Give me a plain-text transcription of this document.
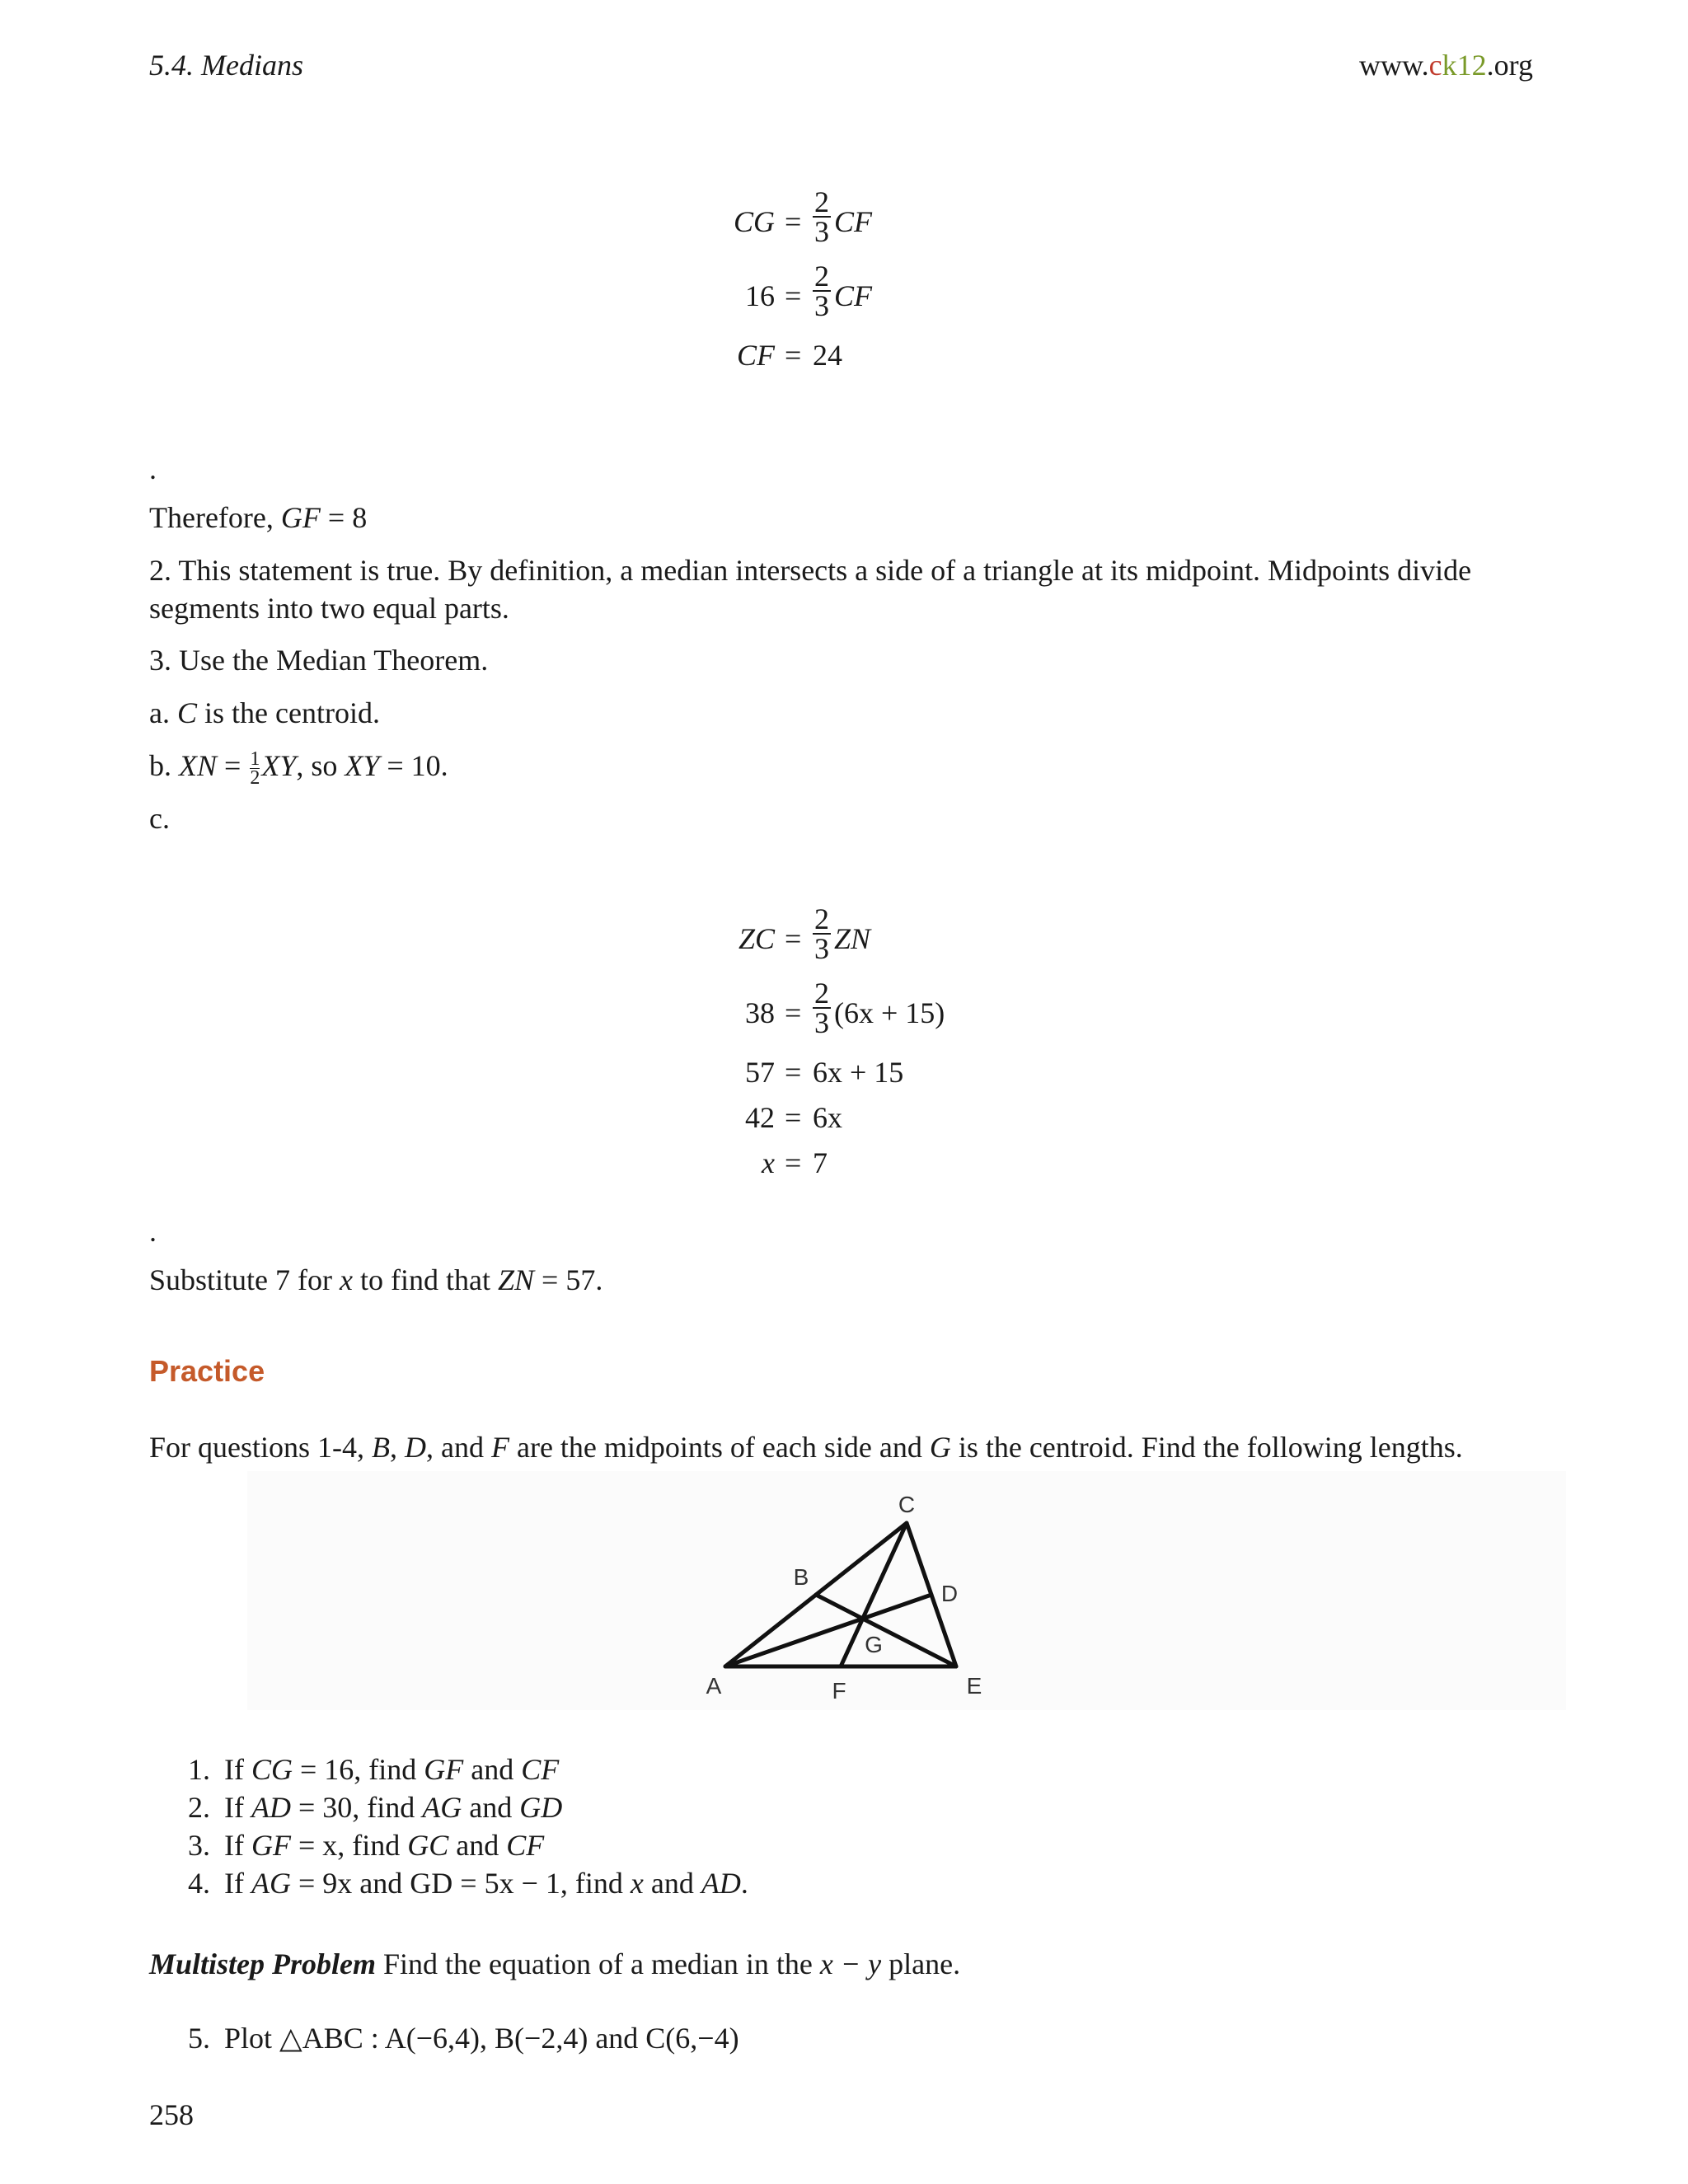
5.4. Medians	www.ck12.org
CG = $\frac{2}{3}$ CF
$16 = \frac{2}{3}$ CF
CF = 24
.
Therefore, GF = 8
2. This statement is true. By definition, a median intersects a side of a triangle at its midpoint. Midpoints divide segments into two equal parts.
3. Use the Median Theorem.
a. C is the centroid.
b. XN = $\frac{1}{2}XY$, so XY = 10.
c.
ZC = $\frac{2}{3}$ ZN
$38 = \frac{2}{3} (6x + 15)$
57 = 6x + 15
42 = 6x
x = 7
.
Substitute 7 for x to find that ZN = 57.
Practice
For questions 1-4, B, D, and F are the midpoints of each side and G is the centroid. Find the following lengths.
C
B
D
G
A	F	E
1. If CG = 16, find GF and CF
2. If AD = 30, find AG and GD
3. If GF = x, find GC and CF
4. If AG = 9x and GD = 5x − 1, find x and AD.
Multistep Problem Find the equation of a median in the x − y plane.
5. Plot △ABC : A(−6,4), B(−2,4) and C(6,−4)
258
